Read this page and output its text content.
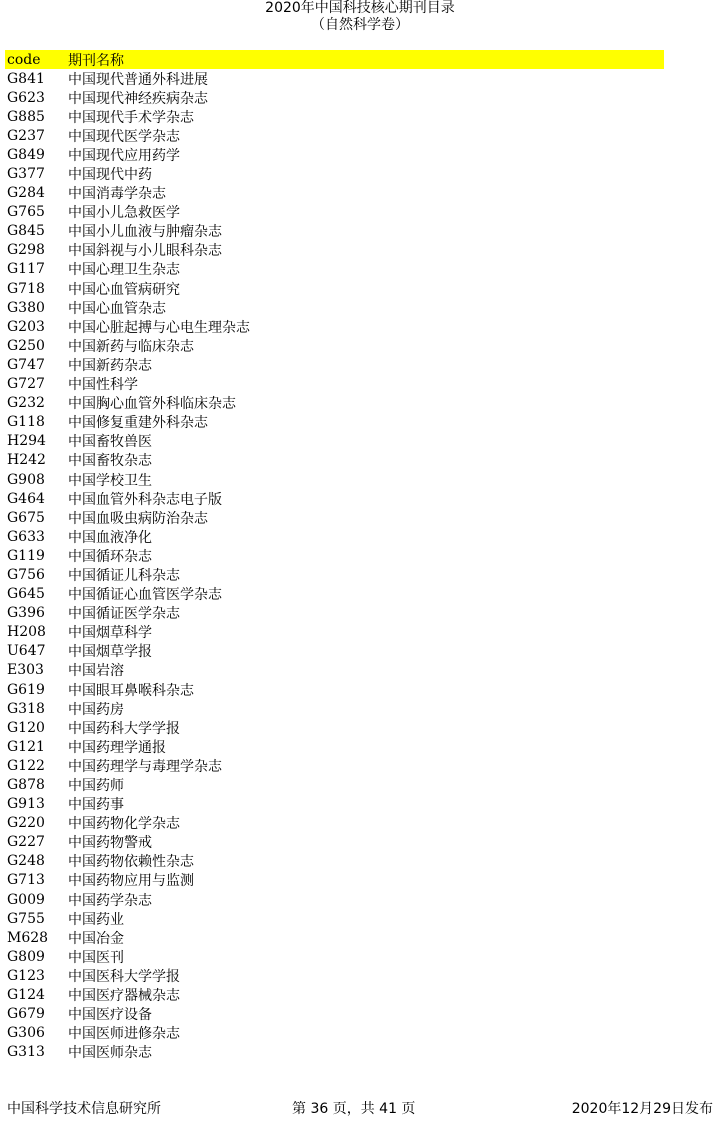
2020年中国科技核心期刊目录
（自然科学卷）
code	期刊名称
G841	中国现代普通外科进展
G623	中国现代神经疾病杂志
G885	中国现代手术学杂志
G237	中国现代医学杂志
G849	中国现代应用药学
G377	中国现代中药
G284	中国消毒学杂志
G765	中国小儿急救医学
G845	中国小儿血液与肿瘤杂志
G298	中国斜视与小儿眼科杂志
G117	中国心理卫生杂志
G718	中国心血管病研究
G380	中国心血管杂志
G203	中国心脏起搏与心电生理杂志
G250	中国新药与临床杂志
G747	中国新药杂志
G727	中国性科学
G232	中国胸心血管外科临床杂志
G118	中国修复重建外科杂志
H294	中国畜牧兽医
H242	中国畜牧杂志
G908	中国学校卫生
G464	中国血管外科杂志电子版
G675	中国血吸虫病防治杂志
G633	中国血液净化
G119	中国循环杂志
G756	中国循证儿科杂志
G645	中国循证心血管医学杂志
G396	中国循证医学杂志
H208	中国烟草科学
U647	中国烟草学报
E303	中国岩溶
G619	中国眼耳鼻喉科杂志
G318	中国药房
G120	中国药科大学学报
G121	中国药理学通报
G122	中国药理学与毒理学杂志
G878	中国药师
G913	中国药事
G220	中国药物化学杂志
G227	中国药物警戒
G248	中国药物依赖性杂志
G713	中国药物应用与监测
G009	中国药学杂志
G755	中国药业
M628	中国冶金
G809	中国医刊
G123	中国医科大学学报
G124	中国医疗器械杂志
G679	中国医疗设备
G306	中国医师进修杂志
G313	中国医师杂志
中国科学技术信息研究所	第 36 页，共 41 页	2020年12月29日发布
